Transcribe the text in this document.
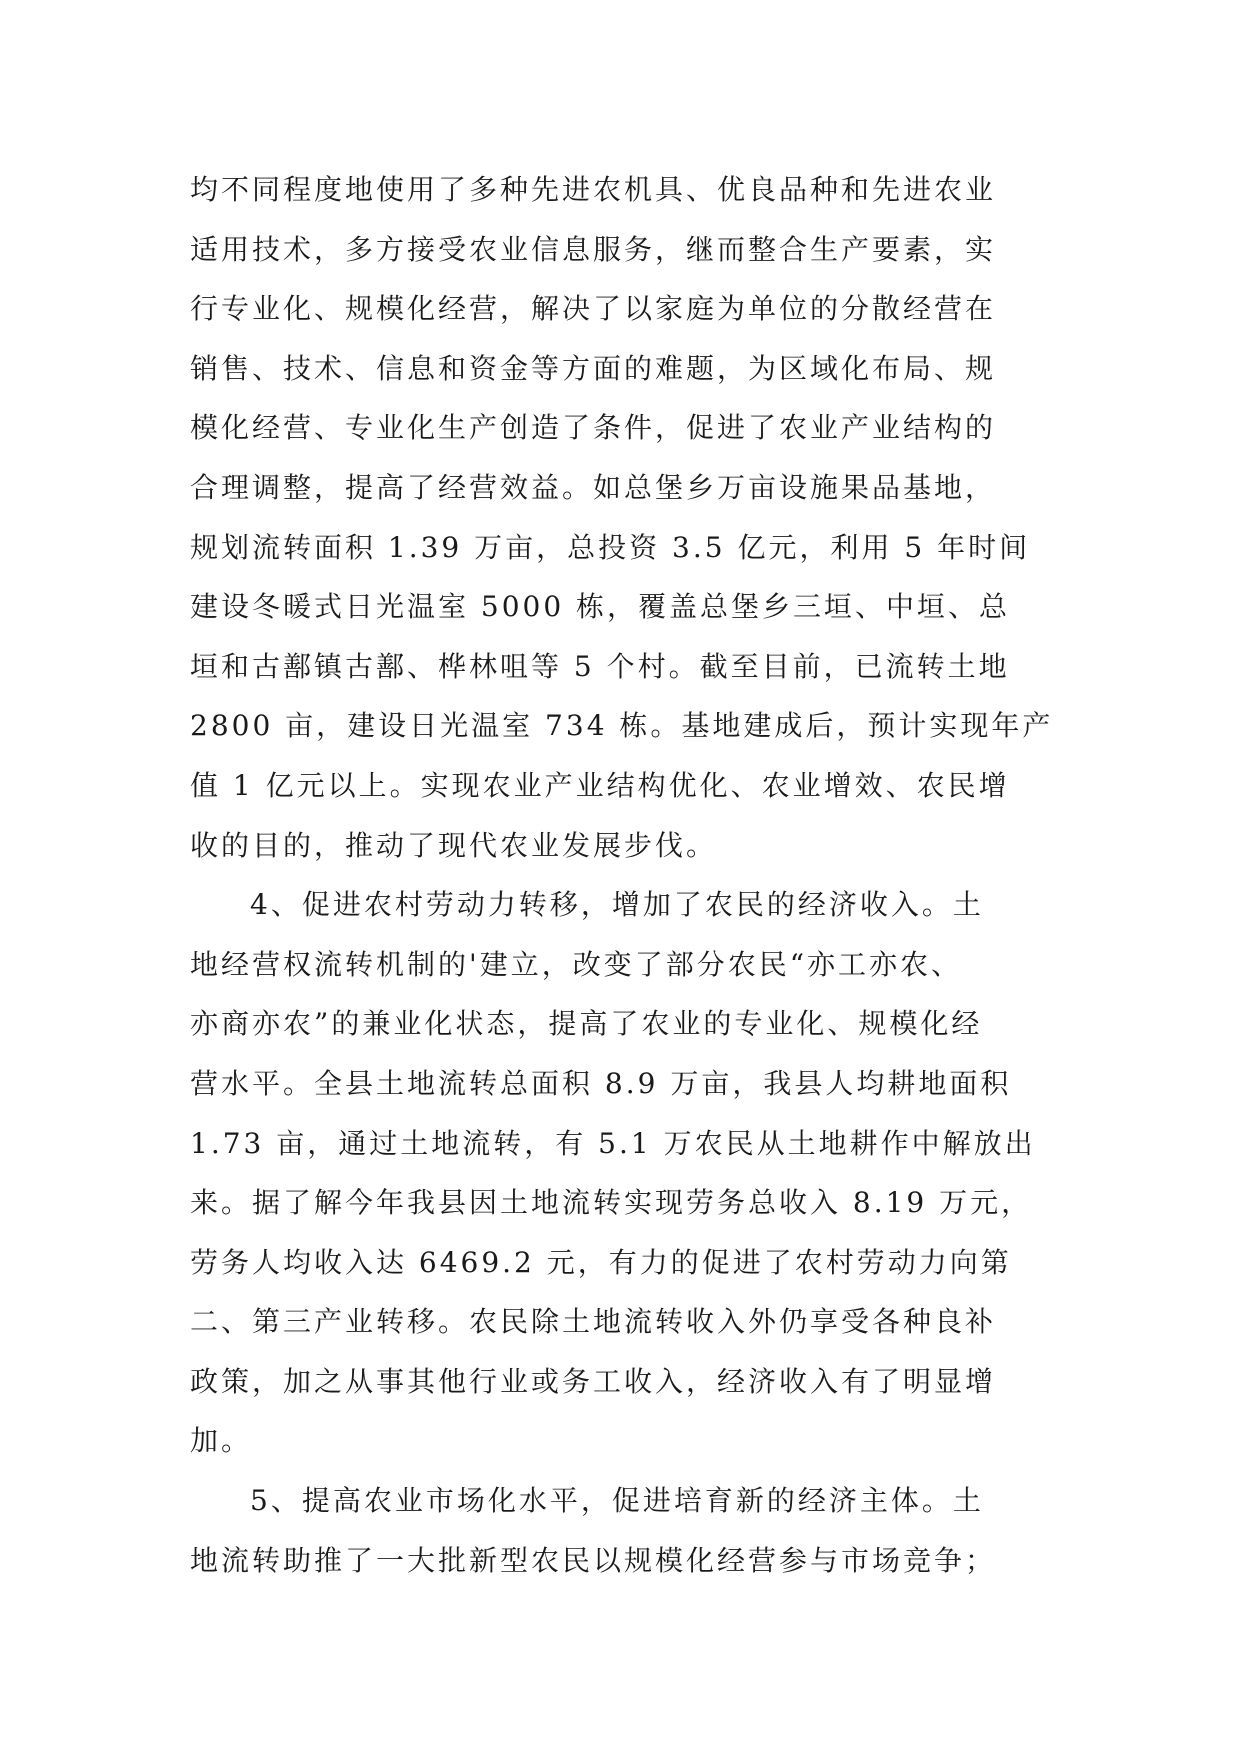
均不同程度地使用了多种先进农机具、优良品种和先进农业
适用技术，多方接受农业信息服务，继而整合生产要素，实
行专业化、规模化经营，解决了以家庭为单位的分散经营在
销售、技术、信息和资金等方面的难题，为区域化布局、规
模化经营、专业化生产创造了条件，促进了农业产业结构的
合理调整，提高了经营效益。如总堡乡万亩设施果品基地，
规划流转面积 1.39 万亩，总投资 3.5 亿元，利用 5 年时间
建设冬暖式日光温室 5000 栋，覆盖总堡乡三垣、中垣、总
垣和古鄯镇古鄯、桦林咀等 5 个村。截至目前，已流转土地
2800 亩，建设日光温室 734 栋。基地建成后，预计实现年产
值 1 亿元以上。实现农业产业结构优化、农业增效、农民增
收的目的，推动了现代农业发展步伐。
4、促进农村劳动力转移，增加了农民的经济收入。土
地经营权流转机制的'建立，改变了部分农民“亦工亦农、
亦商亦农”的兼业化状态，提高了农业的专业化、规模化经
营水平。全县土地流转总面积 8.9 万亩，我县人均耕地面积
1.73 亩，通过土地流转，有 5.1 万农民从土地耕作中解放出
来。据了解今年我县因土地流转实现劳务总收入 8.19 万元，
劳务人均收入达 6469.2 元，有力的促进了农村劳动力向第
二、第三产业转移。农民除土地流转收入外仍享受各种良补
政策，加之从事其他行业或务工收入，经济收入有了明显增
加。
5、提高农业市场化水平，促进培育新的经济主体。土
地流转助推了一大批新型农民以规模化经营参与市场竞争；
